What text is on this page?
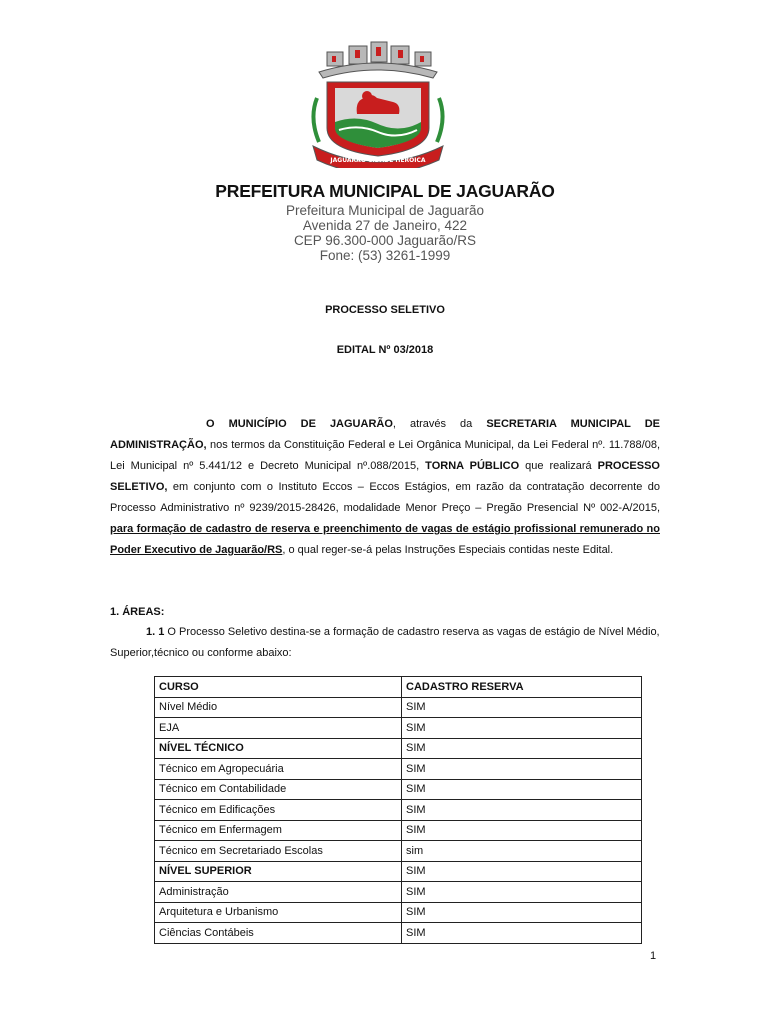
JAGUARÃO CIDADE HEROICA
PREFEITURA MUNICIPAL DE JAGUARÃO
Prefeitura Municipal de Jaguarão
Avenida 27 de Janeiro, 422
CEP 96.300-000 Jaguarão/RS
Fone: (53) 3261-1999
PROCESSO SELETIVO
EDITAL Nº 03/2018
O MUNICÍPIO DE JAGUARÃO, através da SECRETARIA MUNICIPAL DE ADMINISTRAÇÃO, nos termos da Constituição Federal e Lei Orgânica Municipal, da Lei Federal nº. 11.788/08, Lei Municipal nº 5.441/12 e Decreto Municipal nº.088/2015, TORNA PÚBLICO que realizará PROCESSO SELETIVO, em conjunto com o Instituto Eccos – Eccos Estágios, em razão da contratação decorrente do Processo Administrativo nº 9239/2015-28426, modalidade Menor Preço – Pregão Presencial Nº 002-A/2015, para formação de cadastro de reserva e preenchimento de vagas de estágio profissional remunerado no Poder Executivo de Jaguarão/RS, o qual reger-se-á pelas Instruções Especiais contidas neste Edital.
1. ÁREAS:
1. 1 O Processo Seletivo destina-se a formação de cadastro reserva as vagas de estágio de Nível Médio, Superior,técnico ou conforme abaixo:
CURSO	CADASTRO RESERVA
Nível Médio	SIM
EJA	SIM
NÍVEL TÉCNICO	SIM
Técnico em Agropecuária	SIM
Técnico em Contabilidade	SIM
Técnico em Edificações	SIM
Técnico em Enfermagem	SIM
Técnico em Secretariado Escolas	sim
NÍVEL SUPERIOR	SIM
Administração	SIM
Arquitetura e Urbanismo	SIM
Ciências Contábeis	SIM
1
